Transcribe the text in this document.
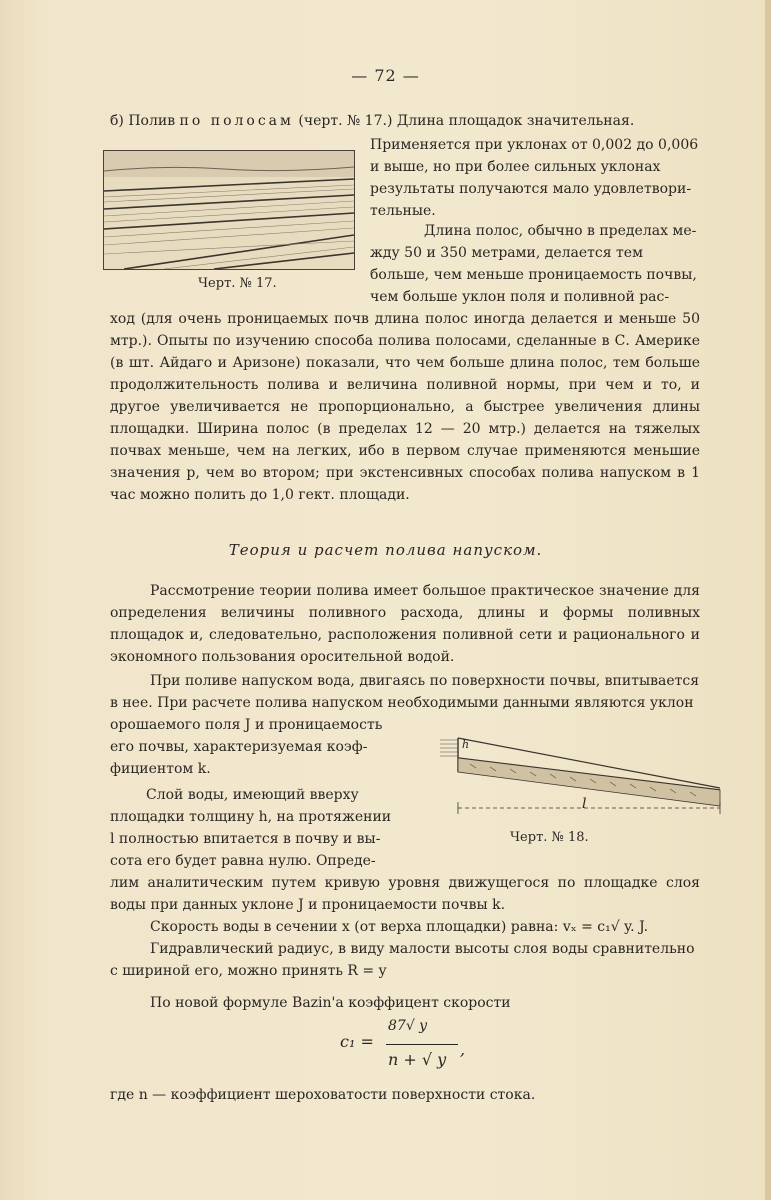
— 72 —

б) Полив по полосам (черт. № 17.) Длина площадок значительная.

Черт. № 17.
Применяется при уклонах от 0,002 до 0,006
и выше, но при более сильных уклонах
результаты получаются мало удовлетвори-
тельные.
Длина полос, обычно в пределах ме-
жду 50 и 350 метрами, делается тем
больше, чем меньше проницаемость почвы,
чем больше уклон поля и поливной рас-

ход (для очень проницаемых почв длина полос иногда делается и меньше 50 мтр.). Опыты по изучению способа полива полосами, сделанные в С. Америке (в шт. Айдаго и Аризоне) показали, что чем больше длина полос, тем больше продолжительность полива и величина поливной нормы, при чем и то, и другое увеличивается не пропорционально, а быстрее увеличения длины площадки. Ширина полос (в пределах 12 — 20 мтр.) делается на тяжелых почвах меньше, чем на легких, ибо в первом случае применяются меньшие значения p, чем во втором; при экстенсивных способах полива напуском в 1 час можно полить до 1,0 гект. площади.

Теория и расчет полива напуском.

Рассмотрение теории полива имеет большое практическое значение для определения величины поливного расхода, длины и формы поливных площадок и, следовательно, расположения поливной сети и рационального и экономного пользования оросительной водой.

При поливе напуском вода, двигаясь по поверхности почвы, впитывается
в нее. При расчете полива напуском необходимыми данными являются уклон
орошаемого поля J и проницаемость
его почвы, характеризуемая коэф-
фициентом k.
Слой воды, имеющий вверху
площадки толщину h, на протяжении
l полностью впитается в почву и вы-
сота его будет равна нулю. Опреде-
h
l
Черт. № 18.

лим аналитическим путем кривую уровня движущегося по площадке слоя воды при данных уклоне J и проницаемости почвы k.

Скорость воды в сечении x (от верха площадки) равна: vₓ = c₁√ y. J.

Гидравлический радиус, в виду малости высоты слоя воды сравнительно
с шириной его, можно принять R = y

По новой формуле Bazin'a коэффицент скорости

c₁ =
87√ y
n + √ y
,

где n — коэффициент шероховатости поверхности стока.
